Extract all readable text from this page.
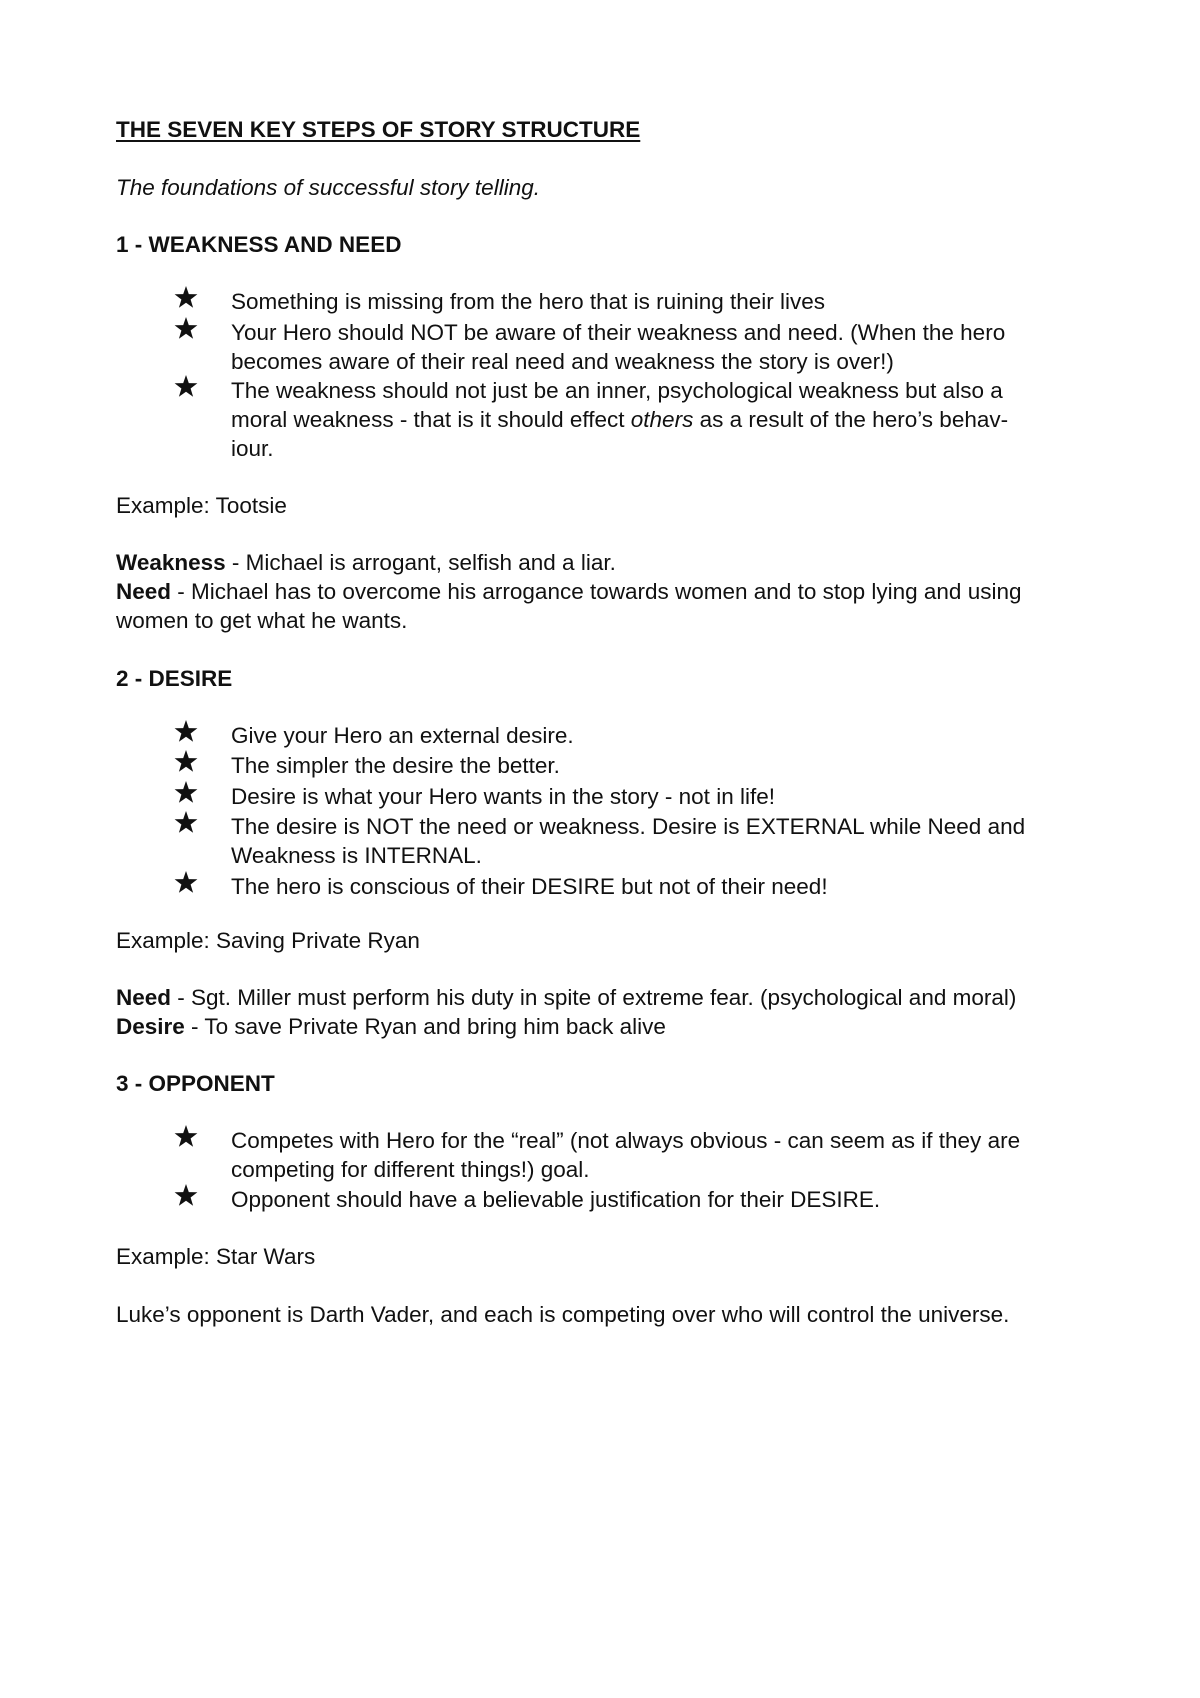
THE SEVEN KEY STEPS OF STORY STRUCTURE
The foundations of successful story telling.
1 - WEAKNESS AND NEED
Something is missing from the hero that is ruining their lives
Your Hero should NOT be aware of their weakness and need. (When the hero
becomes aware of their real need and weakness the story is over!)
The weakness should not just be an inner, psychological weakness but also a
moral weakness - that is it should effect others as a result of the hero’s behav-
iour.
Example: Tootsie
Weakness - Michael is arrogant, selfish and a liar.
Need - Michael has to overcome his arrogance towards women and to stop lying and using
women to get what he wants.
2 - DESIRE
Give your Hero an external desire.
The simpler the desire the better.
Desire is what your Hero wants in the story - not in life!
The desire is NOT the need or weakness. Desire is EXTERNAL while Need and
Weakness is INTERNAL.
The hero is conscious of their DESIRE but not of their need!
Example: Saving Private Ryan
Need - Sgt. Miller must perform his duty in spite of extreme fear. (psychological and moral)
Desire - To save Private Ryan and bring him back alive
3 - OPPONENT
Competes with Hero for the “real” (not always obvious - can seem as if they are
competing for different things!) goal.
Opponent should have a believable justification for their DESIRE.
Example: Star Wars
Luke’s opponent is Darth Vader, and each is competing over who will control the universe.
